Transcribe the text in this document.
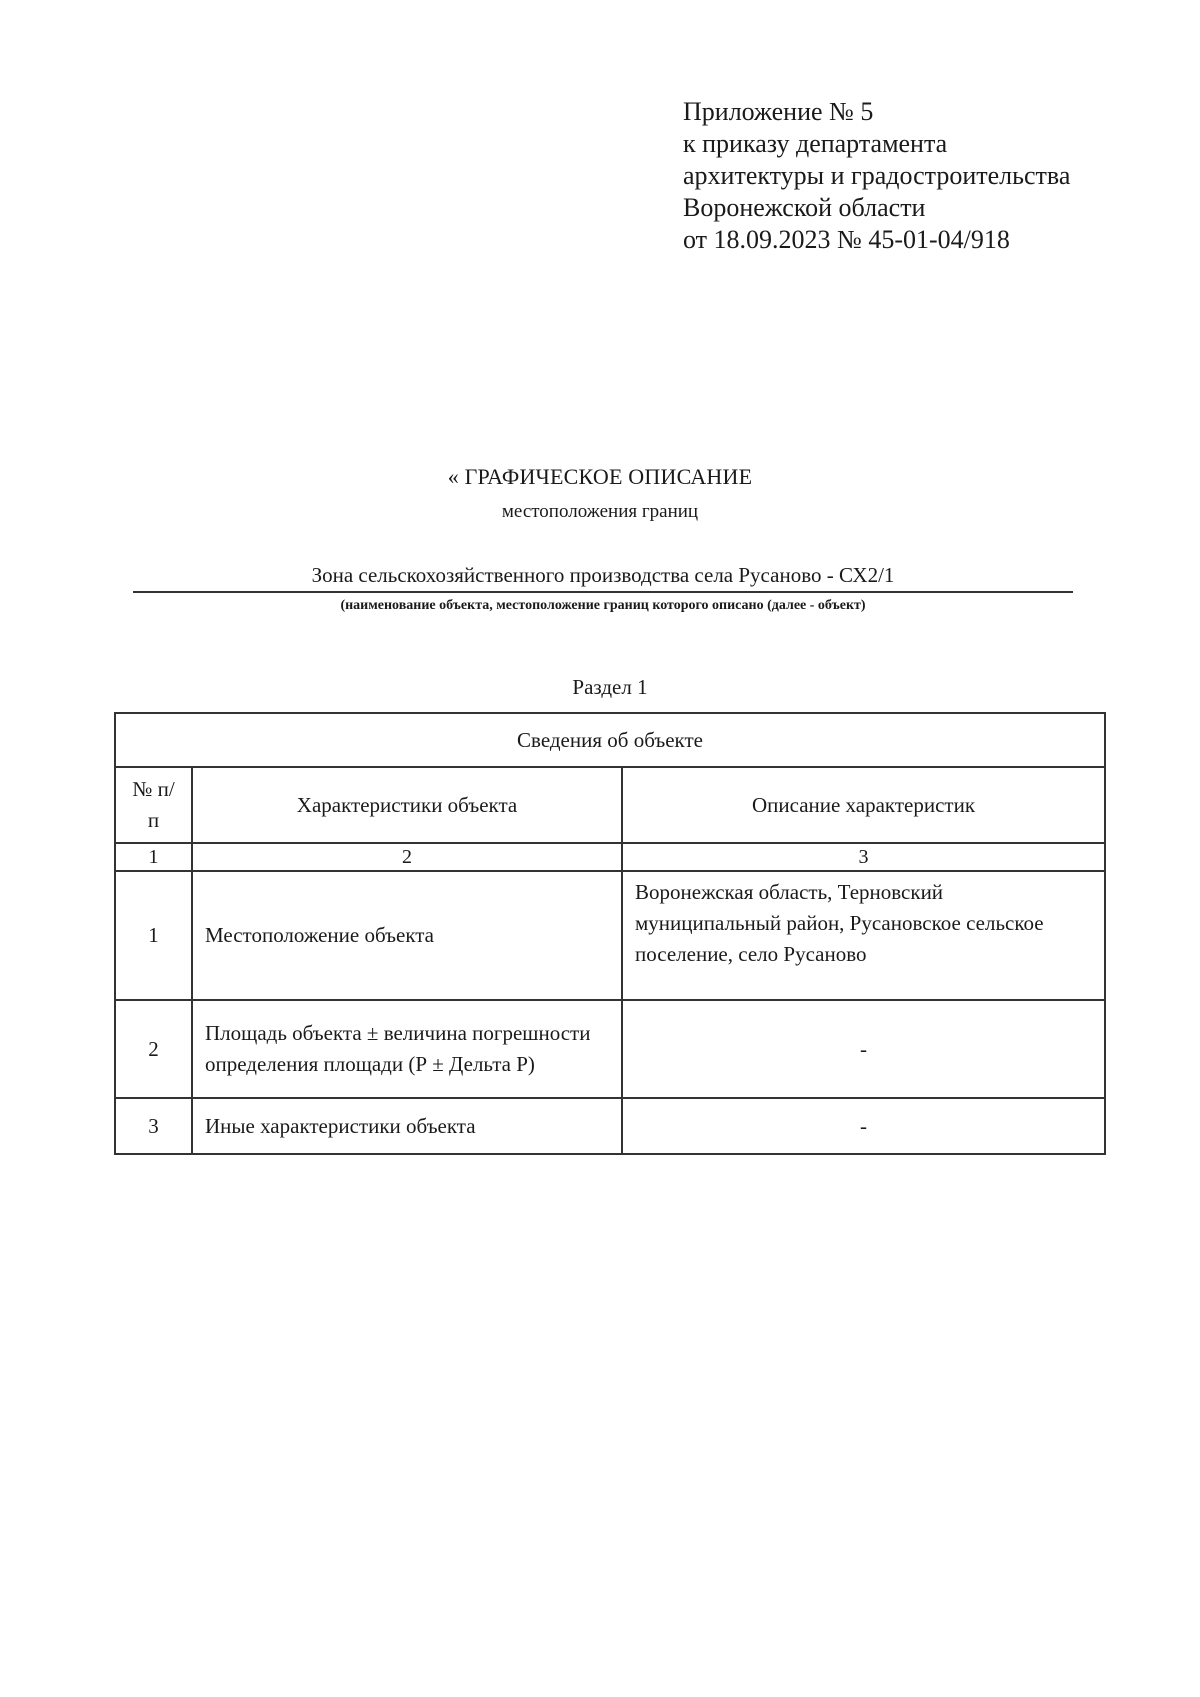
Приложение № 5
к приказу департамента
архитектуры и градостроительства
Воронежской области
от 18.09.2023 № 45-01-04/918
« ГРАФИЧЕСКОЕ ОПИСАНИЕ
местоположения границ
Зона сельскохозяйственного производства села Русаново - СХ2/1
(наименование объекта, местоположение границ которого описано (далее - объект)
Раздел 1
Сведения об объекте		
№ п/п	Характеристики объекта	Описание характеристик
1	2	3
1	Местоположение объекта	Воронежская область, Терновский муниципальный район, Русановское сельское поселение, село Русаново
2	Площадь объекта ± величина погрешности определения площади (Р ± Дельта Р)	-
3	Иные характеристики объекта	-
